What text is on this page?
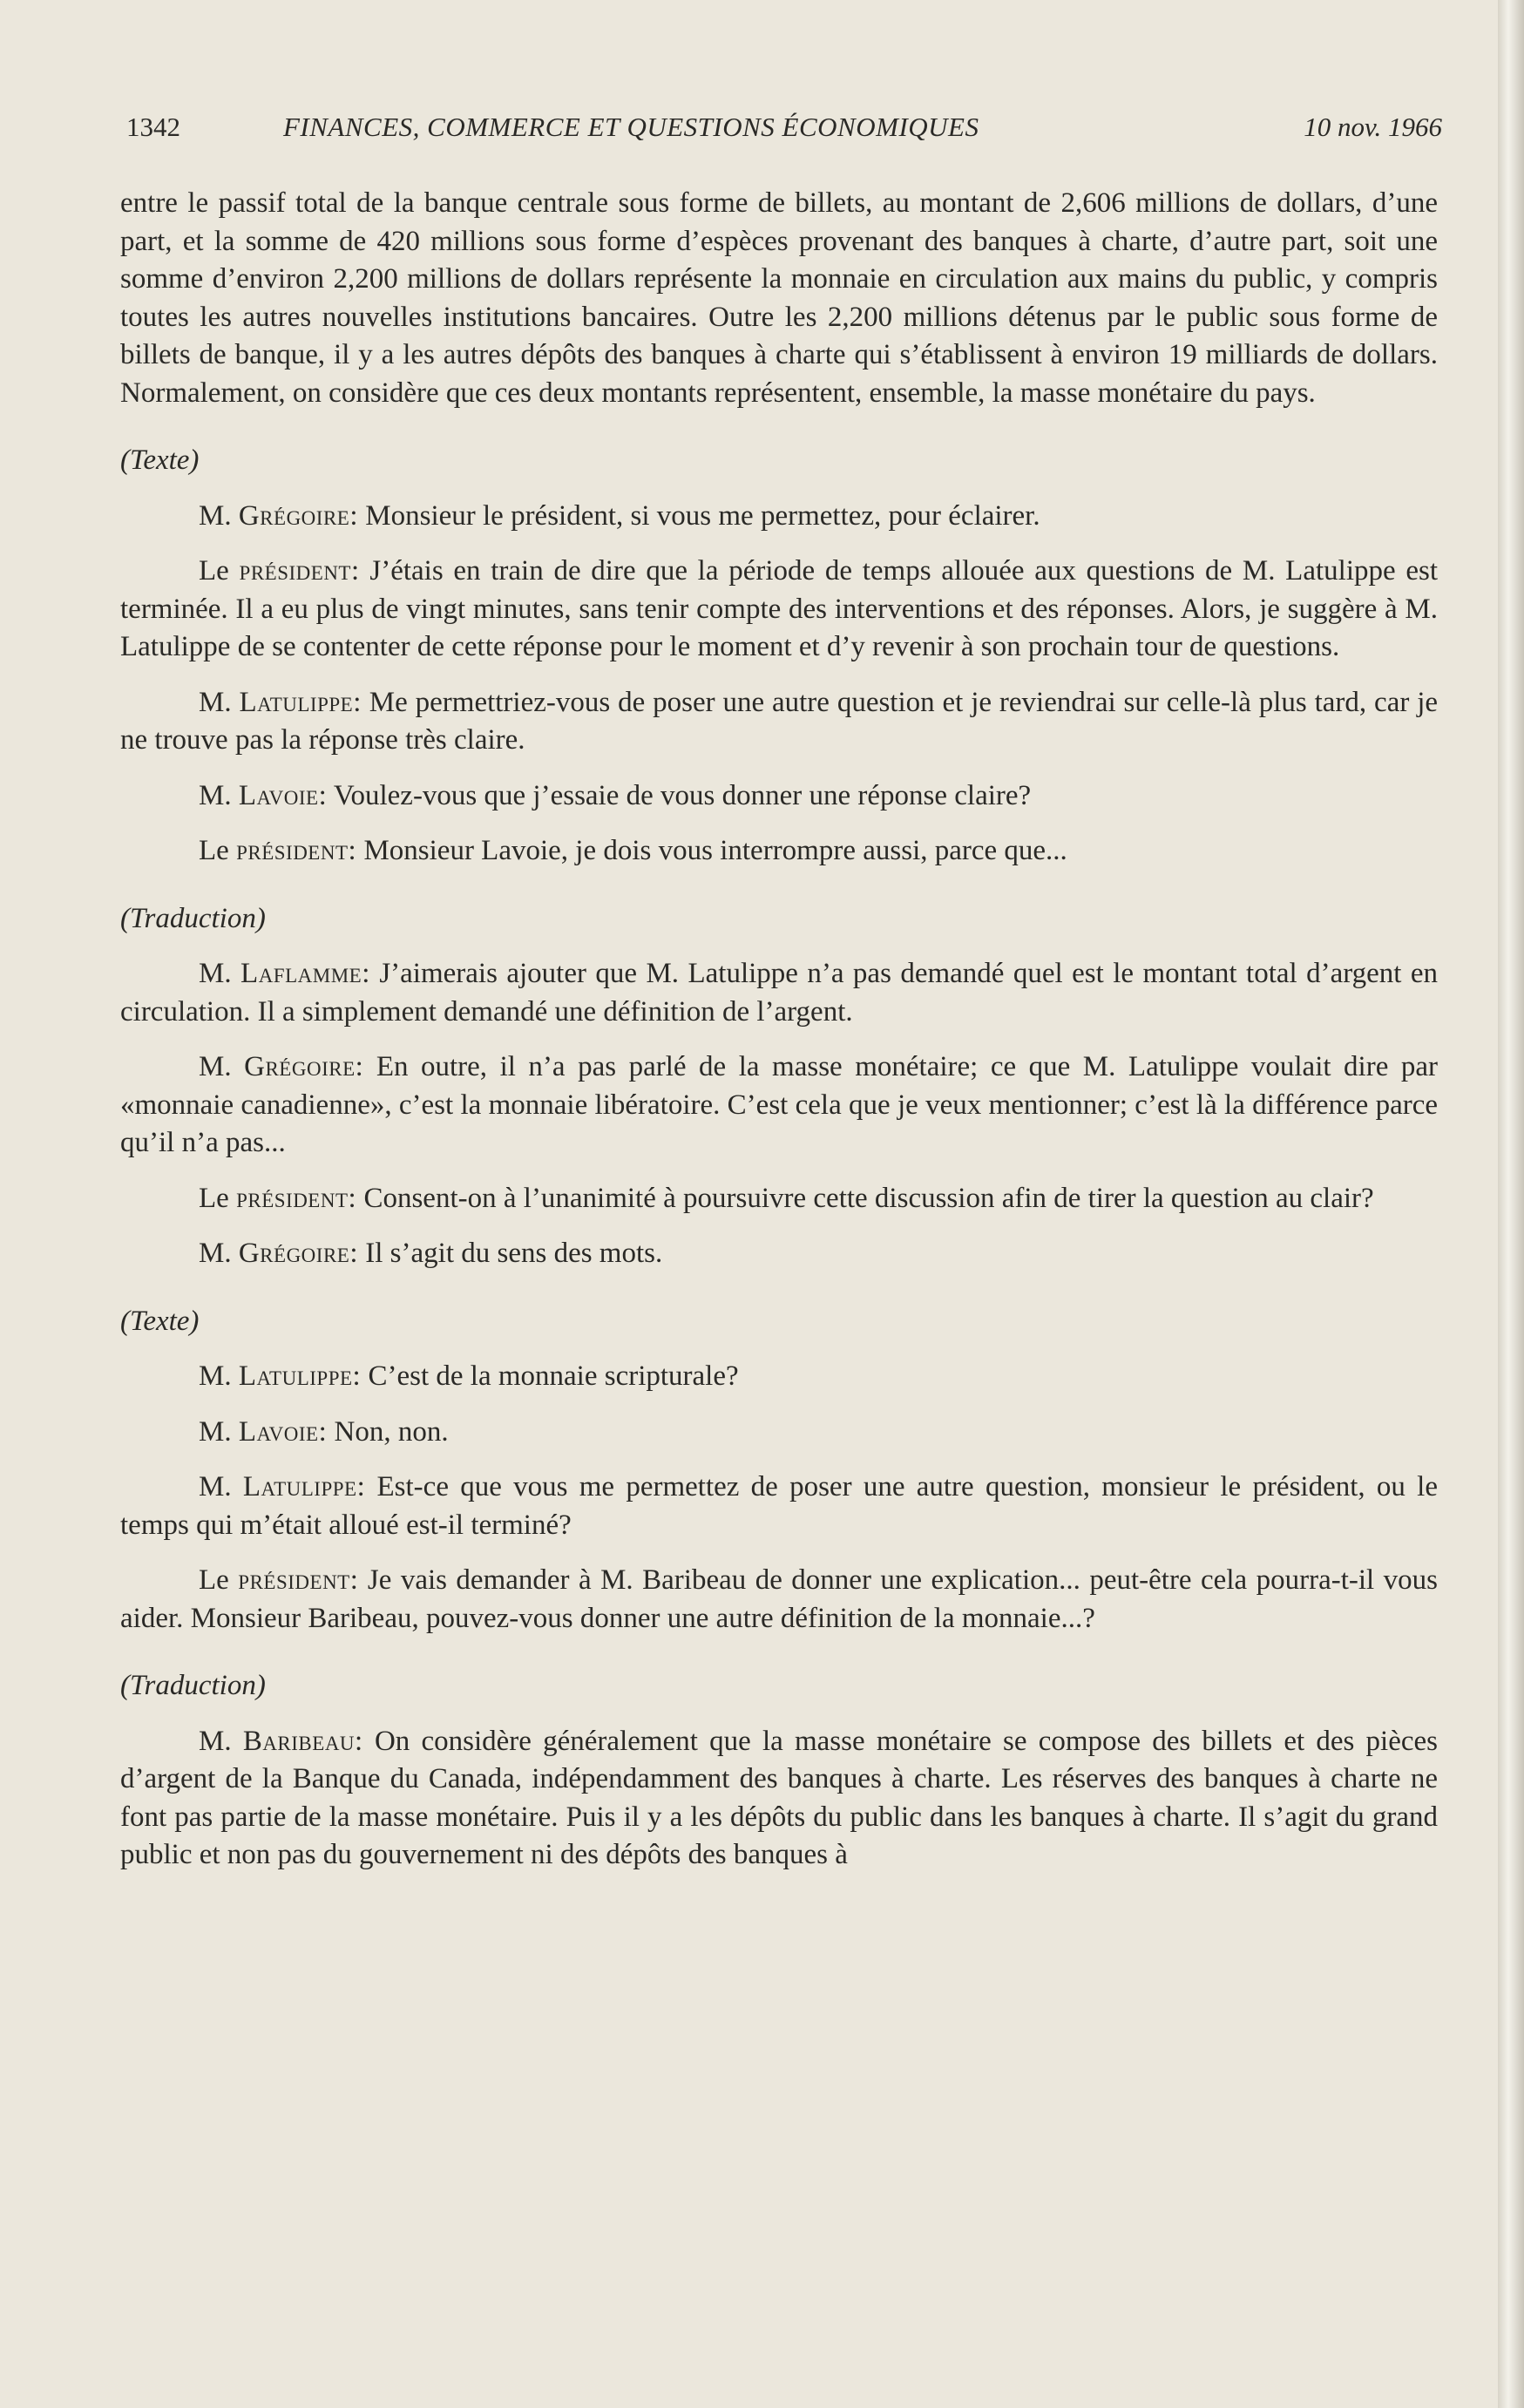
1342	FINANCES, COMMERCE ET QUESTIONS ÉCONOMIQUES	10 nov. 1966

entre le passif total de la banque centrale sous forme de billets, au montant de 2,606 millions de dollars, d’une part, et la somme de 420 millions sous forme d’espèces provenant des banques à charte, d’autre part, soit une somme d’environ 2,200 millions de dollars représente la monnaie en circulation aux mains du public, y compris toutes les autres nouvelles institutions bancaires. Outre les 2,200 millions détenus par le public sous forme de billets de banque, il y a les autres dépôts des banques à charte qui s’établissent à environ 19 milliards de dollars. Normalement, on considère que ces deux montants représentent, ensemble, la masse monétaire du pays.

(Texte)

M. Grégoire: Monsieur le président, si vous me permettez, pour éclairer.

Le président: J’étais en train de dire que la période de temps allouée aux questions de M. Latulippe est terminée. Il a eu plus de vingt minutes, sans tenir compte des interventions et des réponses. Alors, je suggère à M. Latulippe de se contenter de cette réponse pour le moment et d’y revenir à son prochain tour de questions.

M. Latulippe: Me permettriez-vous de poser une autre question et je reviendrai sur celle-là plus tard, car je ne trouve pas la réponse très claire.

M. Lavoie: Voulez-vous que j’essaie de vous donner une réponse claire?

Le président: Monsieur Lavoie, je dois vous interrompre aussi, parce que...

(Traduction)

M. Laflamme: J’aimerais ajouter que M. Latulippe n’a pas demandé quel est le montant total d’argent en circulation. Il a simplement demandé une définition de l’argent.

M. Grégoire: En outre, il n’a pas parlé de la masse monétaire; ce que M. Latulippe voulait dire par «monnaie canadienne», c’est la monnaie libératoire. C’est cela que je veux mentionner; c’est là la différence parce qu’il n’a pas...

Le président: Consent-on à l’unanimité à poursuivre cette discussion afin de tirer la question au clair?

M. Grégoire: Il s’agit du sens des mots.

(Texte)

M. Latulippe: C’est de la monnaie scripturale?

M. Lavoie: Non, non.

M. Latulippe: Est-ce que vous me permettez de poser une autre question, monsieur le président, ou le temps qui m’était alloué est-il terminé?

Le président: Je vais demander à M. Baribeau de donner une explication... peut-être cela pourra-t-il vous aider. Monsieur Baribeau, pouvez-vous donner une autre définition de la monnaie...?

(Traduction)

M. Baribeau: On considère généralement que la masse monétaire se compose des billets et des pièces d’argent de la Banque du Canada, indépendamment des banques à charte. Les réserves des banques à charte ne font pas partie de la masse monétaire. Puis il y a les dépôts du public dans les banques à charte. Il s’agit du grand public et non pas du gouvernement ni des dépôts des banques à
